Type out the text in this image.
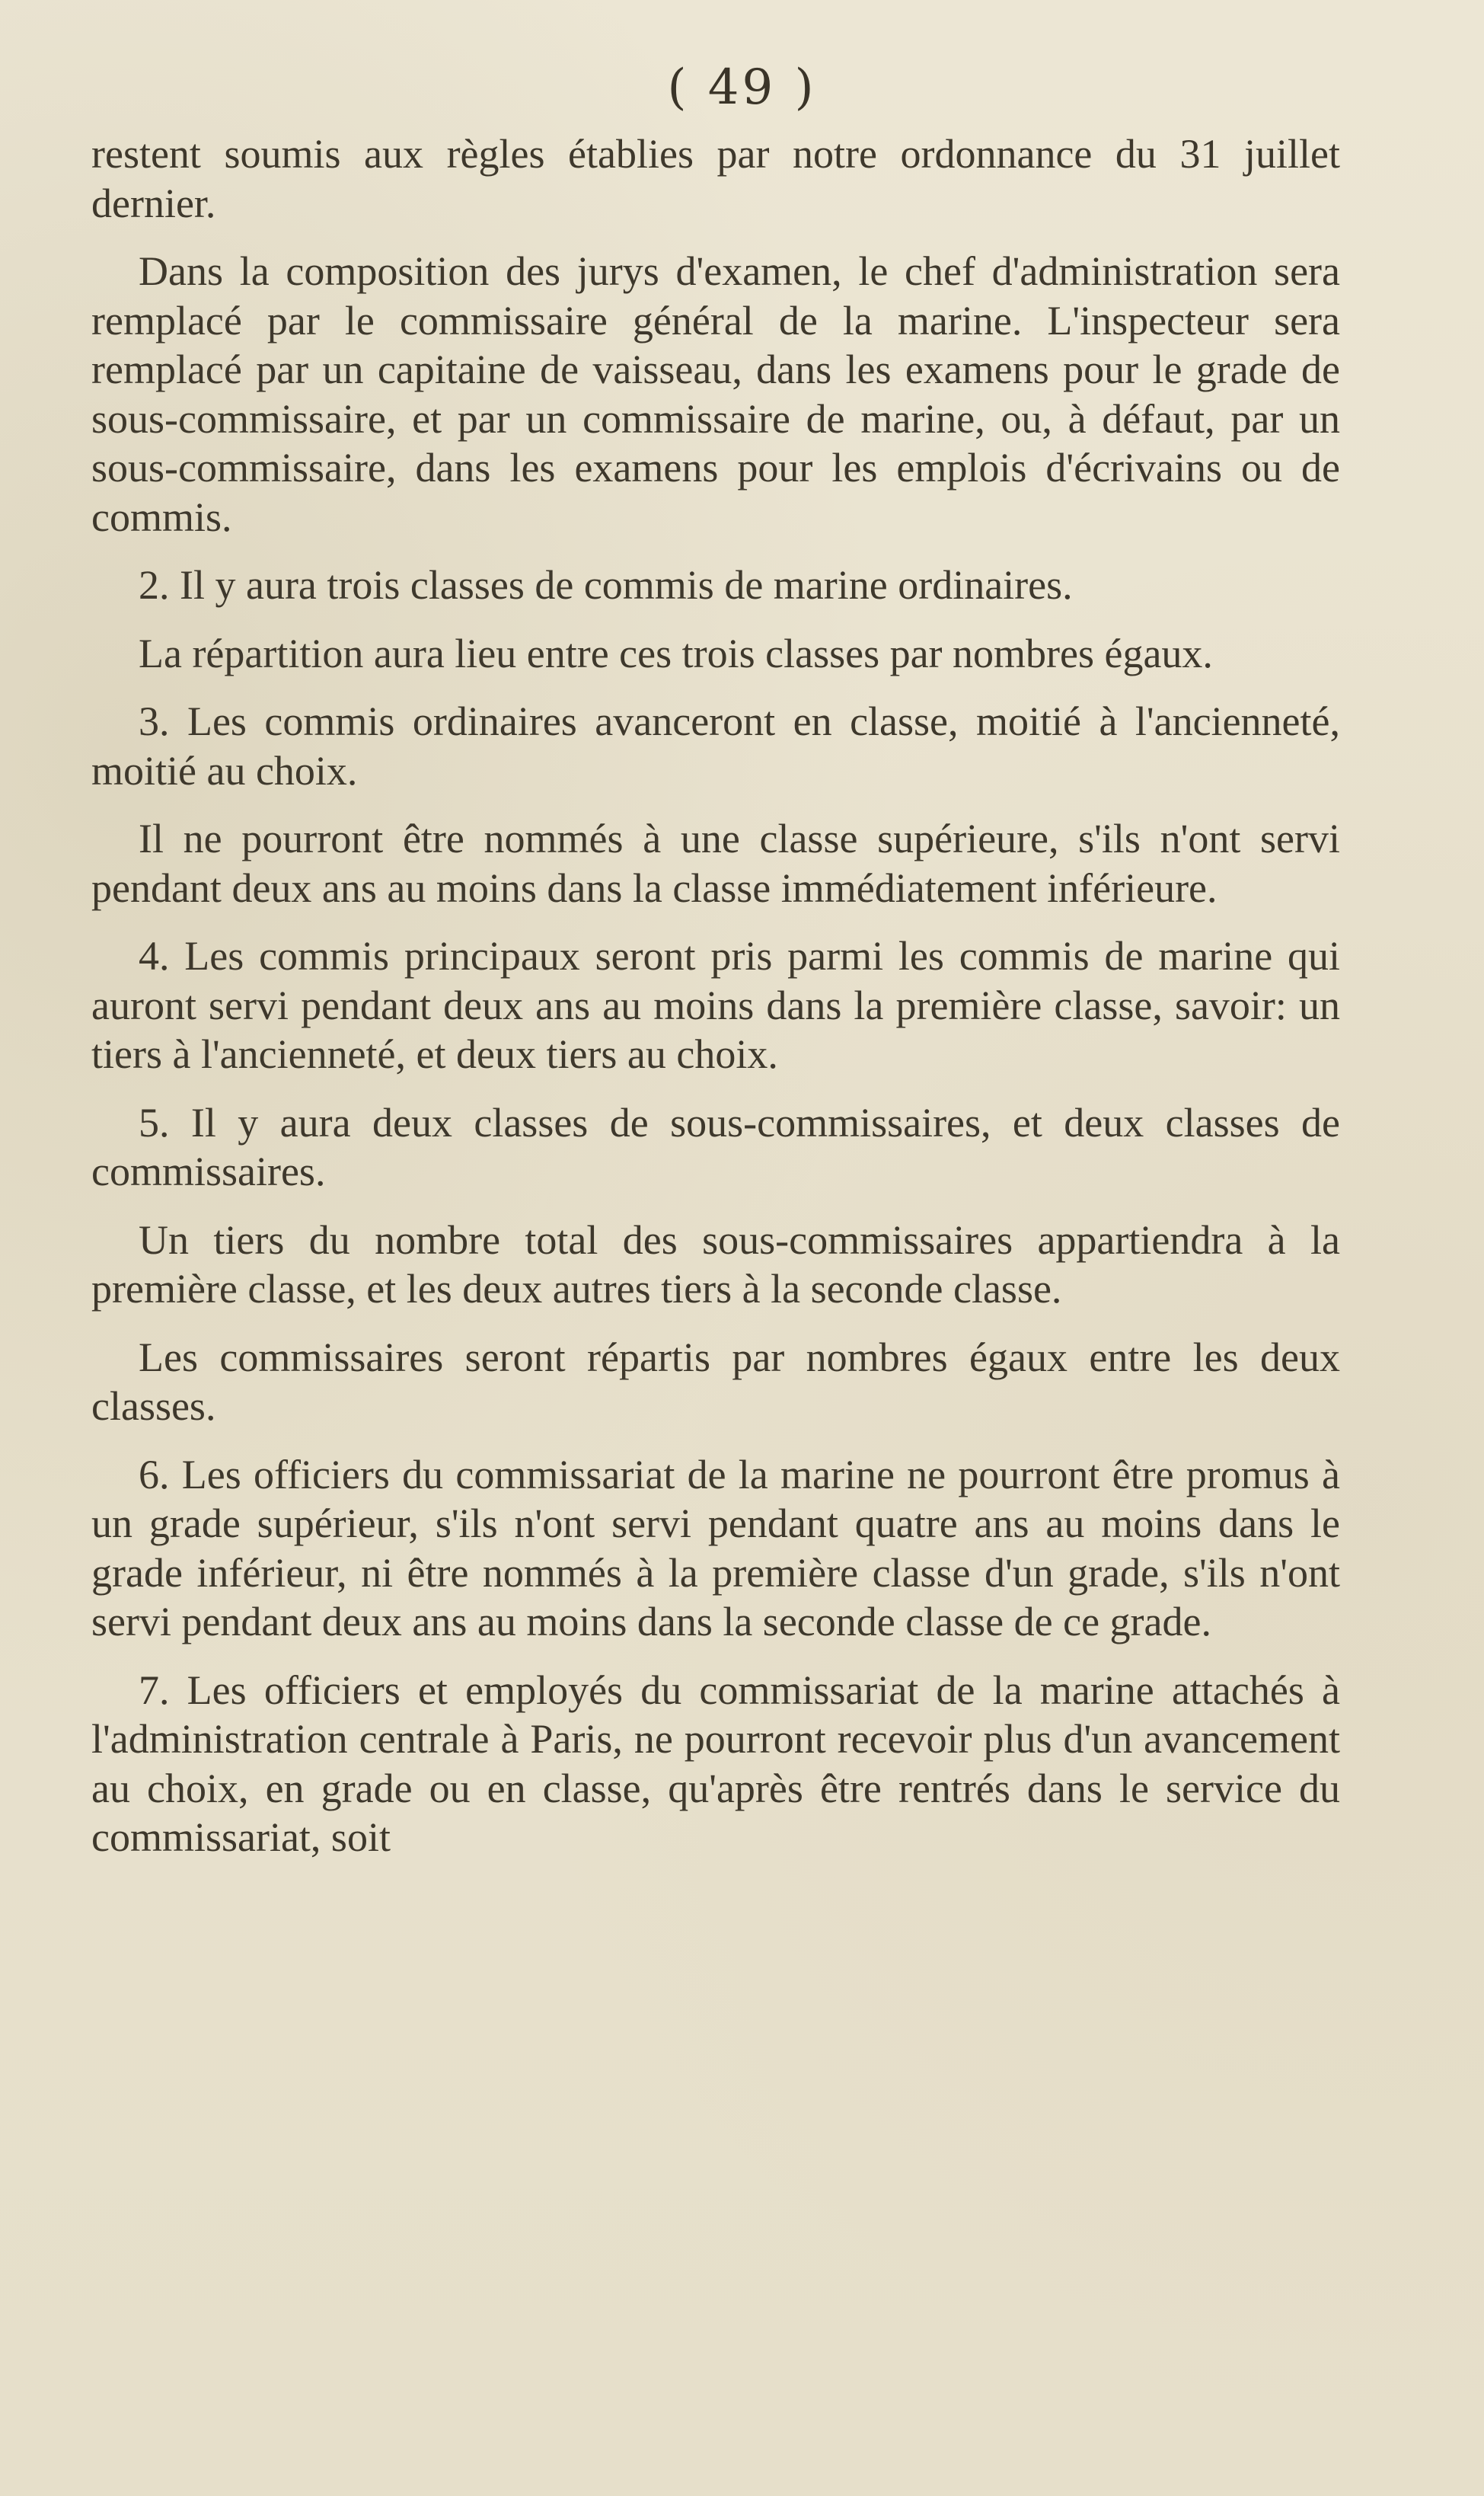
( 49 )

restent soumis aux règles établies par notre ordonnance du 31 juillet dernier.

Dans la composition des jurys d'examen, le chef d'administration sera remplacé par le commissaire général de la marine. L'inspecteur sera remplacé par un capitaine de vaisseau, dans les examens pour le grade de sous-commissaire, et par un commissaire de marine, ou, à défaut, par un sous-commissaire, dans les examens pour les emplois d'écrivains ou de commis.

2. Il y aura trois classes de commis de marine ordinaires.

La répartition aura lieu entre ces trois classes par nombres égaux.

3. Les commis ordinaires avanceront en classe, moitié à l'ancienneté, moitié au choix.

Il ne pourront être nommés à une classe supérieure, s'ils n'ont servi pendant deux ans au moins dans la classe immédiatement inférieure.

4. Les commis principaux seront pris parmi les commis de marine qui auront servi pendant deux ans au moins dans la première classe, savoir: un tiers à l'ancienneté, et deux tiers au choix.

5. Il y aura deux classes de sous-commissaires, et deux classes de commissaires.

Un tiers du nombre total des sous-commissaires appartiendra à la première classe, et les deux autres tiers à la seconde classe.

Les commissaires seront répartis par nombres égaux entre les deux classes.

6. Les officiers du commissariat de la marine ne pourront être promus à un grade supérieur, s'ils n'ont servi pendant quatre ans au moins dans le grade inférieur, ni être nommés à la première classe d'un grade, s'ils n'ont servi pendant deux ans au moins dans la seconde classe de ce grade.

7. Les officiers et employés du commissariat de la marine attachés à l'administration centrale à Paris, ne pourront recevoir plus d'un avancement au choix, en grade ou en classe, qu'après être rentrés dans le service du commissariat, soit
